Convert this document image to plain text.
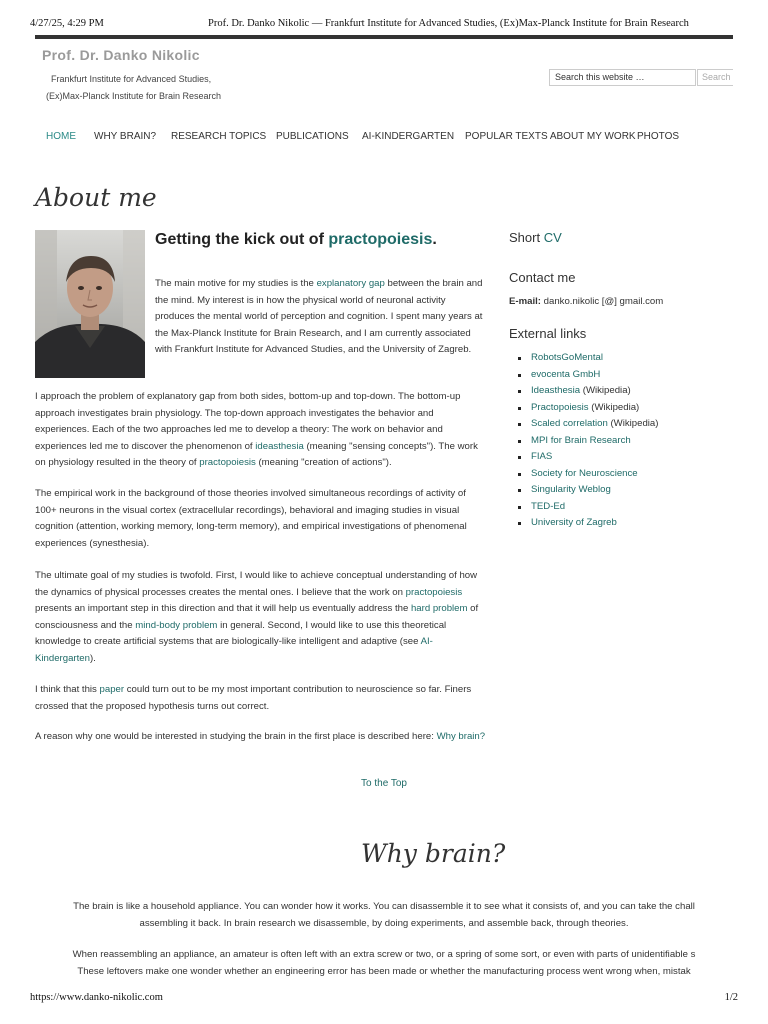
4/27/25, 4:29 PM	Prof. Dr. Danko Nikolic — Frankfurt Institute for Advanced Studies, (Ex)Max-Planck Institute for Brain Research
Prof. Dr. Danko Nikolic
Frankfurt Institute for Advanced Studies,
(Ex)Max-Planck Institute for Brain Research
Search this website …	Search
HOME WHY BRAIN? RESEARCH TOPICS PUBLICATIONS AI-KINDERGARTEN POPULAR TEXTS ABOUT MY WORK PHOTOS
About me
Getting the kick out of practopoiesis.
The main motive for my studies is the explanatory gap between the brain and the mind. My interest is in how the physical world of neuronal activity produces the mental world of perception and cognition. I spent many years at the Max-Planck Institute for Brain Research, and I am currently associated with Frankfurt Institute for Advanced Studies, and the University of Zagreb.
I approach the problem of explanatory gap from both sides, bottom-up and top-down. The bottom-up approach investigates brain physiology. The top-down approach investigates the behavior and experiences. Each of the two approaches led me to develop a theory: The work on behavior and experiences led me to discover the phenomenon of ideasthesia (meaning "sensing concepts"). The work on physiology resulted in the theory of practopoiesis (meaning "creation of actions").
The empirical work in the background of those theories involved simultaneous recordings of activity of 100+ neurons in the visual cortex (extracellular recordings), behavioral and imaging studies in visual cognition (attention, working memory, long-term memory), and empirical investigations of phenomenal experiences (synesthesia).
The ultimate goal of my studies is twofold. First, I would like to achieve conceptual understanding of how the dynamics of physical processes creates the mental ones. I believe that the work on practopoiesis presents an important step in this direction and that it will help us eventually address the hard problem of consciousness and the mind-body problem in general. Second, I would like to use this theoretical knowledge to create artificial systems that are biologically-like intelligent and adaptive (see AI-Kindergarten).
I think that this paper could turn out to be my most important contribution to neuroscience so far. Finers crossed that the proposed hypothesis turns out correct.
A reason why one would be interested in studying the brain in the first place is described here: Why brain?
To the Top
Short CV
Contact me
E-mail: danko.nikolic [@] gmail.com
External links
RobotsGoMental
evocenta GmbH
Ideasthesia (Wikipedia)
Practopoiesis (Wikipedia)
Scaled correlation (Wikipedia)
MPI for Brain Research
FIAS
Society for Neuroscience
Singularity Weblog
TED-Ed
University of Zagreb
Why brain?
The brain is like a household appliance. You can wonder how it works. You can disassemble it to see what it consists of, and you can take the chall
assembling it back. In brain research we disassemble, by doing experiments, and assemble back, through theories.
When reassembling an appliance, an amateur is often left with an extra screw or two, or a spring of some sort, or even with parts of unidentifiable s
These leftovers make one wonder whether an engineering error has been made or whether the manufacturing process went wrong when, mistak
https://www.danko-nikolic.com	1/2
